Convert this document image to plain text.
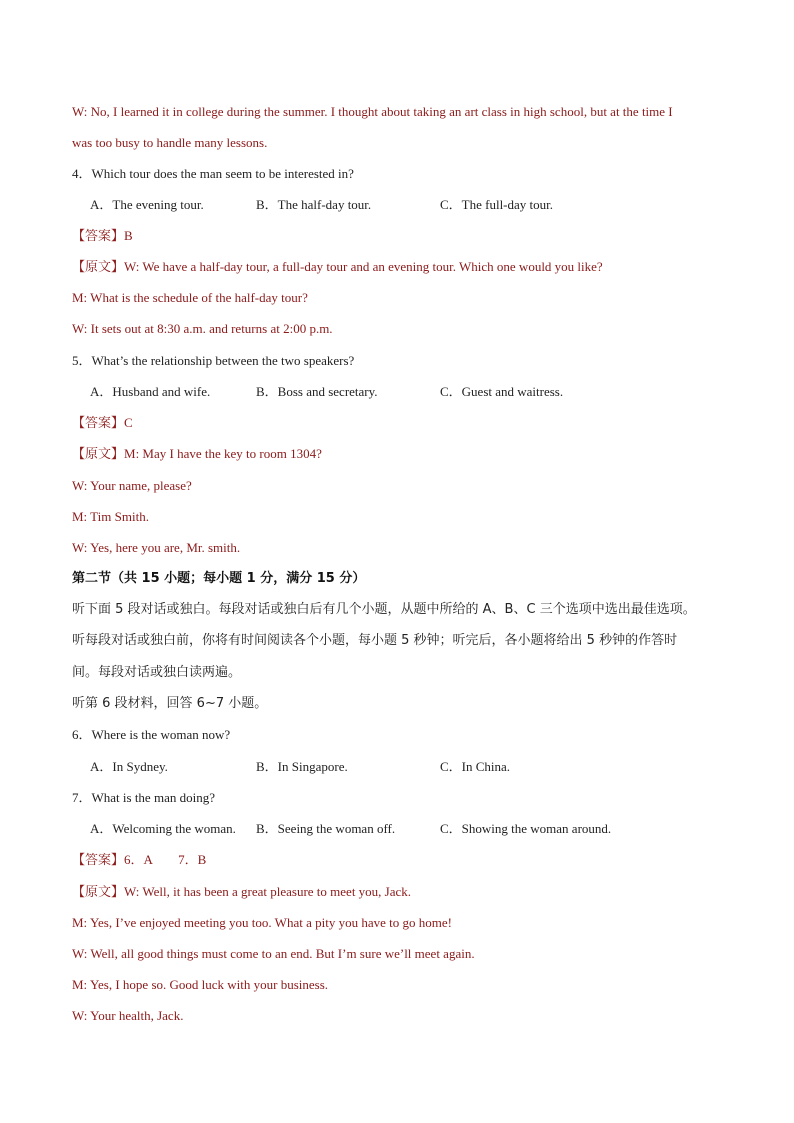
W: No, I learned it in college during the summer. I thought about taking an art class in high school, but at the time I
was too busy to handle many lessons.
4．Which tour does the man seem to be interested in?
A．The evening tour.	B．The half-day tour.	C．The full-day tour.
【答案】B
【原文】W: We have a half-day tour, a full-day tour and an evening tour. Which one would you like?
M: What is the schedule of the half-day tour?
W: It sets out at 8:30 a.m. and returns at 2:00 p.m.
5．What’s the relationship between the two speakers?
A．Husband and wife.	B．Boss and secretary.	C．Guest and waitress.
【答案】C
【原文】M: May I have the key to room 1304?
W: Your name, please?
M: Tim Smith.
W: Yes, here you are, Mr. smith.
第二节（共 15 小题；每小题 1 分，满分 15 分）
听下面 5 段对话或独白。每段对话或独白后有几个小题，从题中所给的 A、B、C 三个选项中选出最佳选项。
听每段对话或独白前，你将有时间阅读各个小题，每小题 5 秒钟；听完后，各小题将给出 5 秒钟的作答时
间。每段对话或独白读两遍。
听第 6 段材料，回答 6~7 小题。
6．Where is the woman now?
A．In Sydney.	B．In Singapore.	C．In China.
7．What is the man doing?
A．Welcoming the woman. B．Seeing the woman off.	C．Showing the woman around.
【答案】6．A　　7．B
【原文】W: Well, it has been a great pleasure to meet you, Jack.
M: Yes, I’ve enjoyed meeting you too. What a pity you have to go home!
W: Well, all good things must come to an end. But I’m sure we’ll meet again.
M: Yes, I hope so. Good luck with your business.
W: Your health, Jack.
